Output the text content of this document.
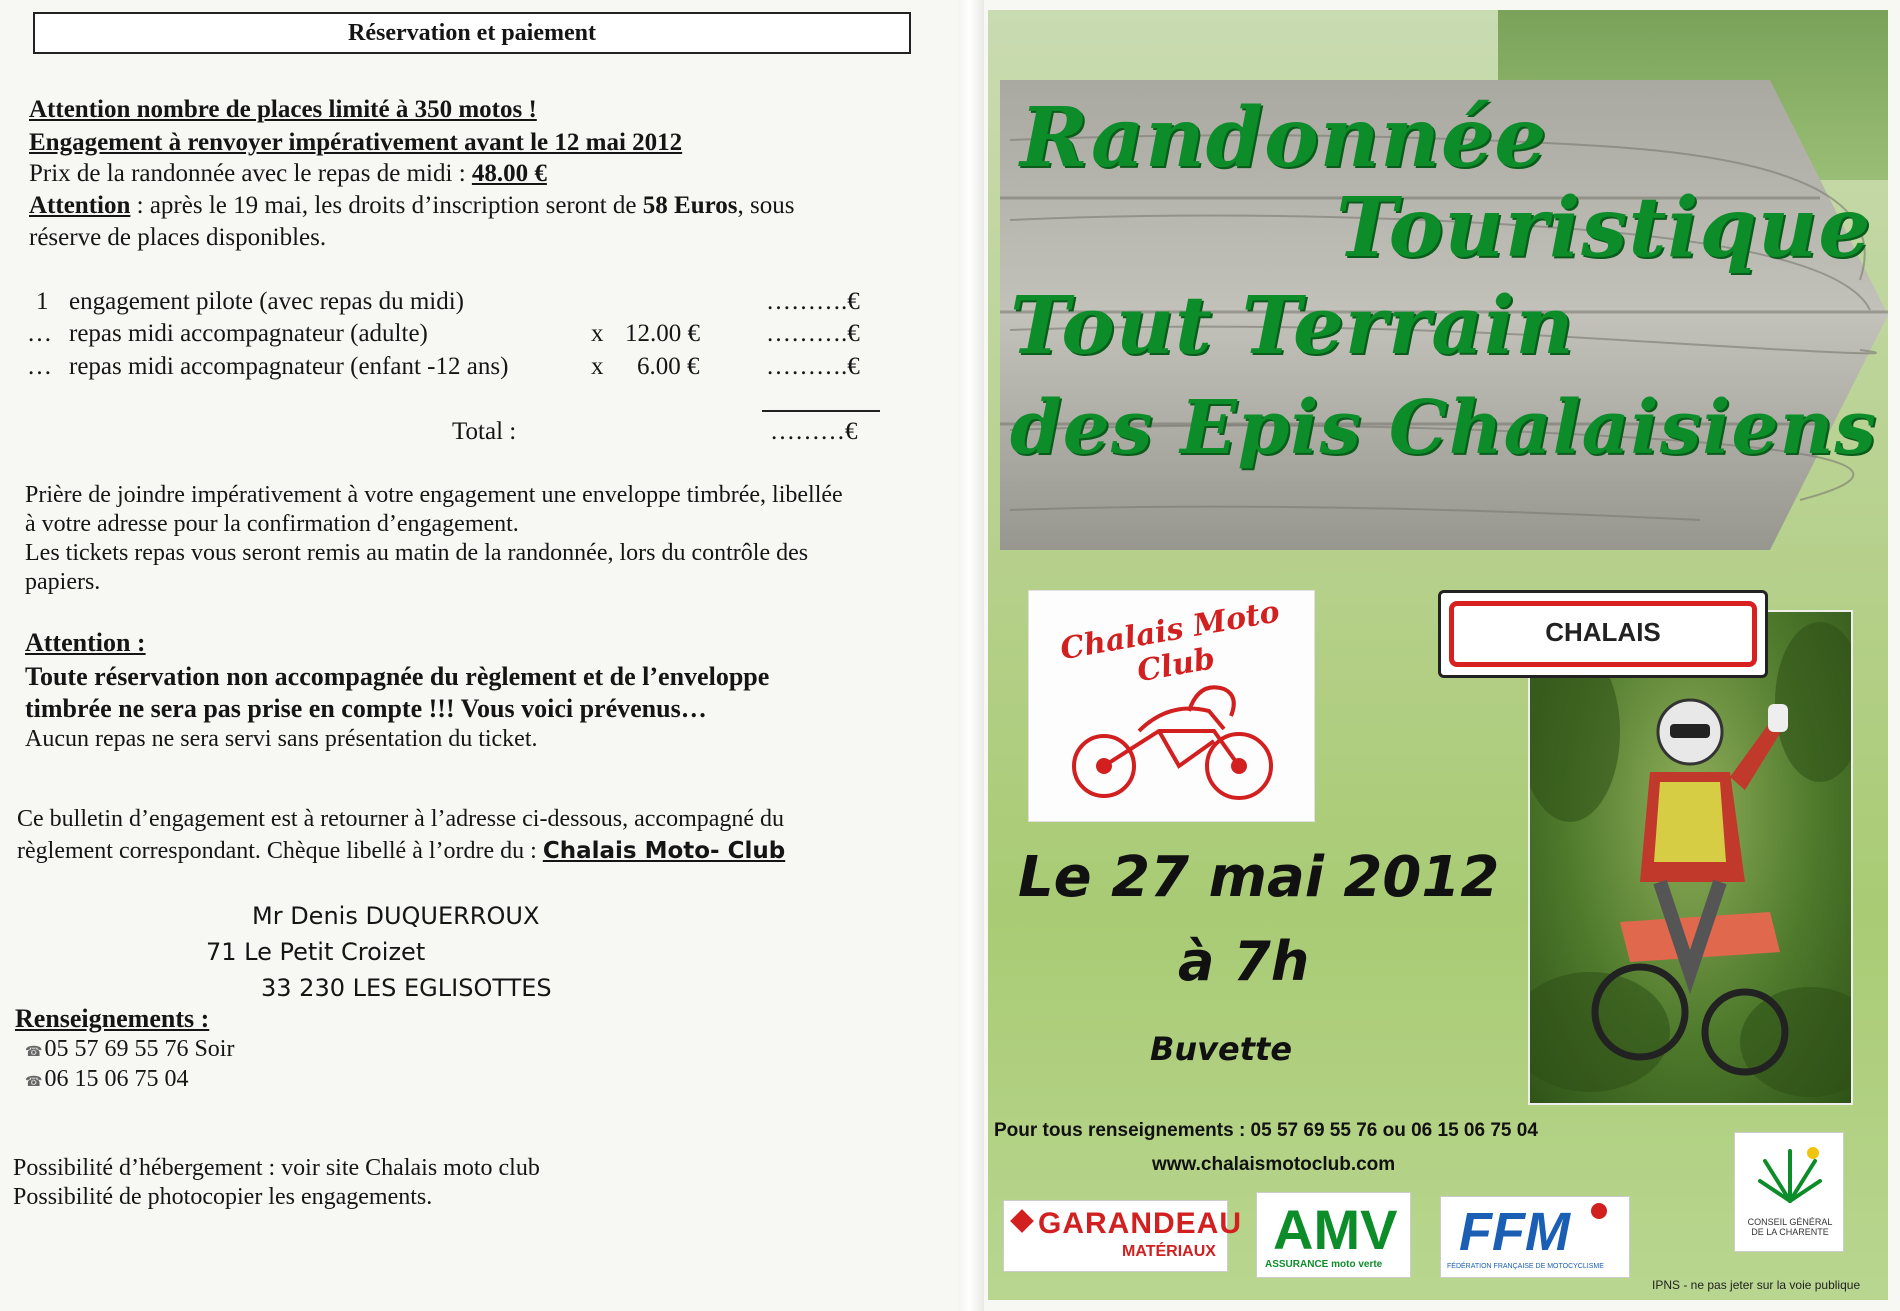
Réservation et paiement
Attention nombre de places limité à 350 motos !
Engagement à renvoyer impérativement avant le 12 mai 2012
Prix de la randonnée avec le repas de midi : 48.00 €
Attention : après le 19 mai, les droits d’inscription seront de 58 Euros, sous
réserve de places disponibles.
1 engagement pilote (avec repas du midi)	……….€
… repas midi accompagnateur (adulte)	x 12.00 €	……….€
… repas midi accompagnateur (enfant -12 ans)	x 6.00 €	……….€
Total :	………€
Prière de joindre impérativement à votre engagement une enveloppe timbrée, libellée
à votre adresse pour la confirmation d’engagement.
Les tickets repas vous seront remis au matin de la randonnée, lors du contrôle des
papiers.
Attention :
Toute réservation non accompagnée du règlement et de l’enveloppe
timbrée ne sera pas prise en compte !!! Vous voici prévenus…
Aucun repas ne sera servi sans présentation du ticket.
Ce bulletin d’engagement est à retourner à l’adresse ci-dessous, accompagné du
règlement correspondant. Chèque libellé à l’ordre du : Chalais Moto- Club
Mr Denis DUQUERROUX
71 Le Petit Croizet
33 230 LES EGLISOTTES
Renseignements :
☎05 57 69 55 76 Soir
☎06 15 06 75 04
Possibilité d’hébergement : voir site Chalais moto club
Possibilité de photocopier les engagements.
Randonnée
Touristique
Tout Terrain
des Epis Chalaisiens
Chalais Moto Club
CHALAIS
Le 27 mai 2012
à 7h
Buvette
Pour tous renseignements : 05 57 69 55 76 ou 06 15 06 75 04
www.chalaismotoclub.com
GARANDEAU
MATÉRIAUX AMV
ASSURANCE moto verte
FFM
FÉDÉRATION FRANÇAISE DE MOTOCYCLISME
CONSEIL GÉNÉRAL DE LA CHARENTE
IPNS - ne pas jeter sur la voie publique
